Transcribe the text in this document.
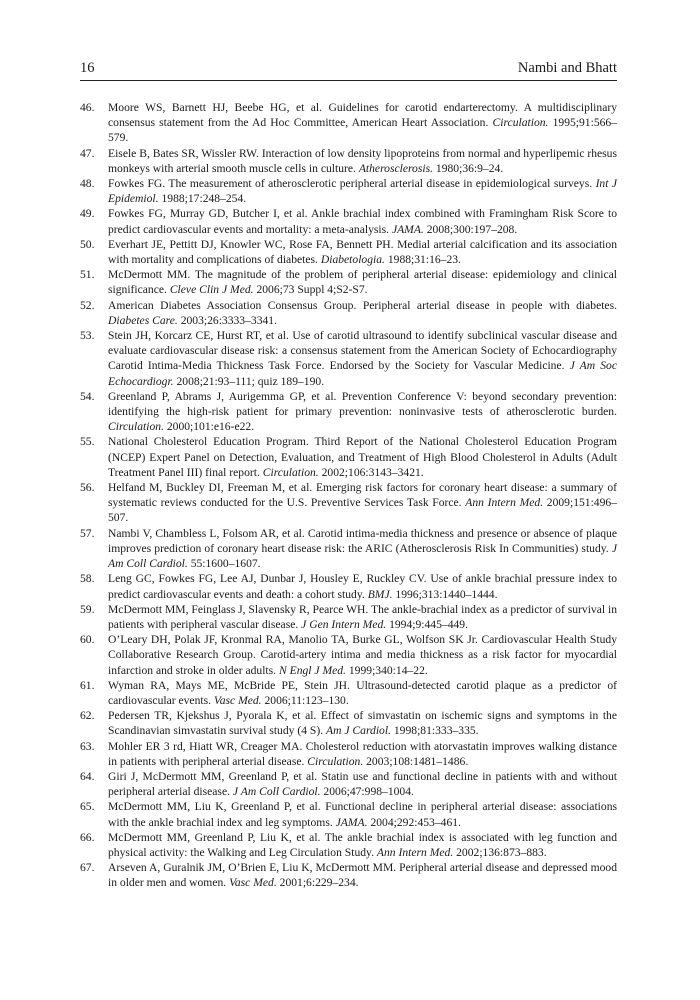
16	Nambi and Bhatt
46. Moore WS, Barnett HJ, Beebe HG, et al. Guidelines for carotid endarterectomy. A multidisciplinary consensus statement from the Ad Hoc Committee, American Heart Association. Circulation. 1995;91:566–579.
47. Eisele B, Bates SR, Wissler RW. Interaction of low density lipoproteins from normal and hyperlipemic rhesus monkeys with arterial smooth muscle cells in culture. Atherosclerosis. 1980;36:9–24.
48. Fowkes FG. The measurement of atherosclerotic peripheral arterial disease in epidemiological surveys. Int J Epidemiol. 1988;17:248–254.
49. Fowkes FG, Murray GD, Butcher I, et al. Ankle brachial index combined with Framingham Risk Score to predict cardiovascular events and mortality: a meta-analysis. JAMA. 2008;300:197–208.
50. Everhart JE, Pettitt DJ, Knowler WC, Rose FA, Bennett PH. Medial arterial calcification and its association with mortality and complications of diabetes. Diabetologia. 1988;31:16–23.
51. McDermott MM. The magnitude of the problem of peripheral arterial disease: epidemiology and clinical significance. Cleve Clin J Med. 2006;73 Suppl 4;S2-S7.
52. American Diabetes Association Consensus Group. Peripheral arterial disease in people with diabetes. Diabetes Care. 2003;26:3333–3341.
53. Stein JH, Korcarz CE, Hurst RT, et al. Use of carotid ultrasound to identify subclinical vascular disease and evaluate cardiovascular disease risk: a consensus statement from the American Society of Echocardiography Carotid Intima-Media Thickness Task Force. Endorsed by the Society for Vascular Medicine. J Am Soc Echocardiogr. 2008;21:93–111; quiz 189–190.
54. Greenland P, Abrams J, Aurigemma GP, et al. Prevention Conference V: beyond secondary prevention: identifying the high-risk patient for primary prevention: noninvasive tests of atherosclerotic burden. Circulation. 2000;101:e16-e22.
55. National Cholesterol Education Program. Third Report of the National Cholesterol Education Program (NCEP) Expert Panel on Detection, Evaluation, and Treatment of High Blood Cholesterol in Adults (Adult Treatment Panel III) final report. Circulation. 2002;106:3143–3421.
56. Helfand M, Buckley DI, Freeman M, et al. Emerging risk factors for coronary heart disease: a summary of systematic reviews conducted for the U.S. Preventive Services Task Force. Ann Intern Med. 2009;151:496–507.
57. Nambi V, Chambless L, Folsom AR, et al. Carotid intima-media thickness and presence or absence of plaque improves prediction of coronary heart disease risk: the ARIC (Atherosclerosis Risk In Communities) study. J Am Coll Cardiol. 55:1600–1607.
58. Leng GC, Fowkes FG, Lee AJ, Dunbar J, Housley E, Ruckley CV. Use of ankle brachial pressure index to predict cardiovascular events and death: a cohort study. BMJ. 1996;313:1440–1444.
59. McDermott MM, Feinglass J, Slavensky R, Pearce WH. The ankle-brachial index as a predictor of survival in patients with peripheral vascular disease. J Gen Intern Med. 1994;9:445–449.
60. O’Leary DH, Polak JF, Kronmal RA, Manolio TA, Burke GL, Wolfson SK Jr. Cardiovascular Health Study Collaborative Research Group. Carotid-artery intima and media thickness as a risk factor for myocardial infarction and stroke in older adults. N Engl J Med. 1999;340:14–22.
61. Wyman RA, Mays ME, McBride PE, Stein JH. Ultrasound-detected carotid plaque as a predictor of cardiovascular events. Vasc Med. 2006;11:123–130.
62. Pedersen TR, Kjekshus J, Pyorala K, et al. Effect of simvastatin on ischemic signs and symptoms in the Scandinavian simvastatin survival study (4 S). Am J Cardiol. 1998;81:333–335.
63. Mohler ER 3 rd, Hiatt WR, Creager MA. Cholesterol reduction with atorvastatin improves walking distance in patients with peripheral arterial disease. Circulation. 2003;108:1481–1486.
64. Giri J, McDermott MM, Greenland P, et al. Statin use and functional decline in patients with and without peripheral arterial disease. J Am Coll Cardiol. 2006;47:998–1004.
65. McDermott MM, Liu K, Greenland P, et al. Functional decline in peripheral arterial disease: associations with the ankle brachial index and leg symptoms. JAMA. 2004;292:453–461.
66. McDermott MM, Greenland P, Liu K, et al. The ankle brachial index is associated with leg function and physical activity: the Walking and Leg Circulation Study. Ann Intern Med. 2002;136:873–883.
67. Arseven A, Guralnik JM, O’Brien E, Liu K, McDermott MM. Peripheral arterial disease and depressed mood in older men and women. Vasc Med. 2001;6:229–234.
